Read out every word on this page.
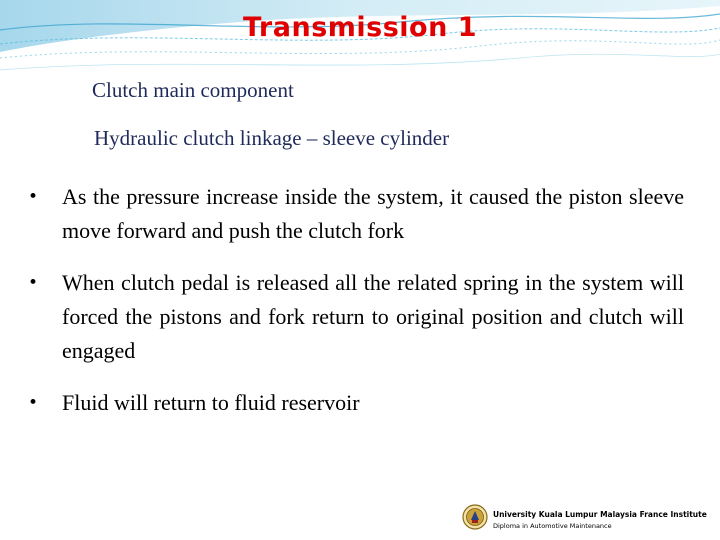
Transmission 1
Clutch main component
Hydraulic clutch linkage – sleeve cylinder
• As the pressure increase inside the system, it caused the piston sleeve move forward and push the clutch fork
• When clutch pedal is released all the related spring in the system will forced the pistons and fork return to original position and clutch will engaged
• Fluid will return to fluid reservoir
University Kuala Lumpur Malaysia France Institute
Diploma in Automotive Maintenance
